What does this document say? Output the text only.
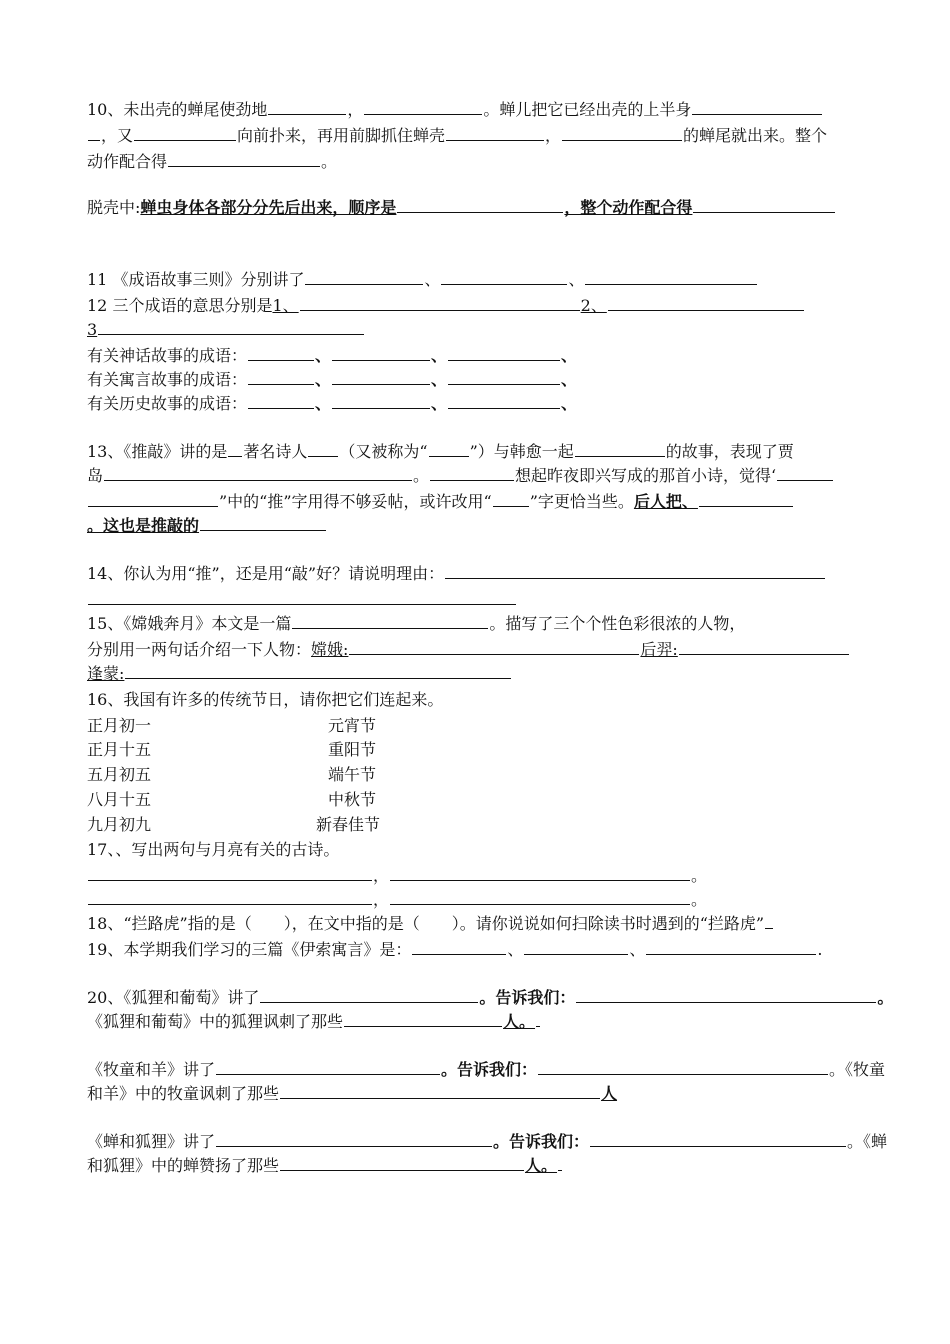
10、未出壳的蝉尾使劲地	，	。蝉儿把它已经出壳的上半身
，又	向前扑来，再用前脚抓住蝉壳	，	的蝉尾就出来。整个
动作配合得	。
脱壳中:蝉虫身体各部分分先后出来，顺序是	，整个动作配合得
11 《成语故事三则》分别讲了	、	、
12 三个成语的意思分别是1、	2、
3
有关神话故事的成语：	、	、	、
有关寓言故事的成语：	、	、	、
有关历史故事的成语：	、	、	、
13、《推敲》讲的是 著名诗人 （又被称为“	”）与韩愈一起	的故事，表现了贾
岛	。	想起昨夜即兴写成的那首小诗，觉得‘
”中的“推”字用得不够妥帖，或许改用“ ”字更恰当些。后人把、
。这也是推敲的
14、你认为用“推”，还是用“敲”好？请说明理由：
15、《嫦娥奔月》本文是一篇	。描写了三个个性色彩很浓的人物，
分别用一两句话介绍一下人物：嫦娥:	后羿:
逢蒙:
16、我国有许多的传统节日，请你把它们连起来。
正月初一	元宵节
正月十五	重阳节
五月初五	端午节
八月十五	中秋节
九月初九	新春佳节
17、、写出两句与月亮有关的古诗。
，	。
，	。
18、“拦路虎”指的是（　　），在文中指的是（　　）。请你说说如何扫除读书时遇到的“拦路虎”
19、本学期我们学习的三篇《伊索寓言》是：	、	、	.
20、《狐狸和葡萄》讲了	。告诉我们：	。
《狐狸和葡萄》中的狐狸讽刺了那些	人。
《牧童和羊》讲了	。告诉我们：	。《牧童
和羊》中的牧童讽刺了那些	人
《蝉和狐狸》讲了	。告诉我们：	。《蝉
和狐狸》中的蝉赞扬了那些	人。
